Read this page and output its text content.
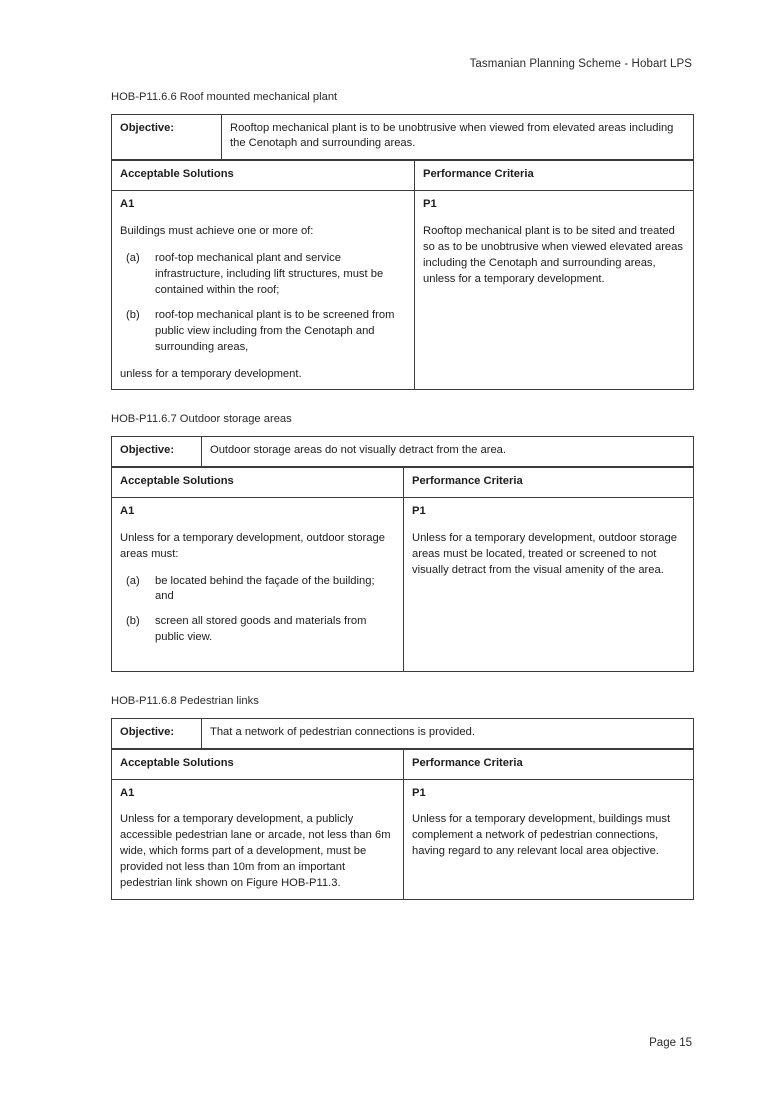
Tasmanian Planning Scheme - Hobart LPS
HOB-P11.6.6 Roof mounted mechanical plant
Objective:	Rooftop mechanical plant is to be unobtrusive when viewed from elevated areas including the Cenotaph and surrounding areas.
Acceptable Solutions	Performance Criteria

A1

Buildings must achieve one or more of:

(a) roof-top mechanical plant and service infrastructure, including lift structures, must be contained within the roof;
(b) roof-top mechanical plant is to be screened from public view including from the Cenotaph and surrounding areas,

unless for a temporary development.

P1

Rooftop mechanical plant is to be sited and treated so as to be unobtrusive when viewed elevated areas including the Cenotaph and surrounding areas, unless for a temporary development.

HOB-P11.6.7 Outdoor storage areas
Objective:	Outdoor storage areas do not visually detract from the area.
Acceptable Solutions	Performance Criteria

A1

Unless for a temporary development, outdoor storage areas must:

(a) be located behind the façade of the building; and
(b) screen all stored goods and materials from public view.

P1

Unless for a temporary development, outdoor storage areas must be located, treated or screened to not visually detract from the visual amenity of the area.

HOB-P11.6.8 Pedestrian links
Objective:	That a network of pedestrian connections is provided.
Acceptable Solutions	Performance Criteria

A1

Unless for a temporary development, a publicly accessible pedestrian lane or arcade, not less than 6m wide, which forms part of a development, must be provided not less than 10m from an important pedestrian link shown on Figure HOB-P11.3.

P1

Unless for a temporary development, buildings must complement a network of pedestrian connections, having regard to any relevant local area objective.

Page 15
